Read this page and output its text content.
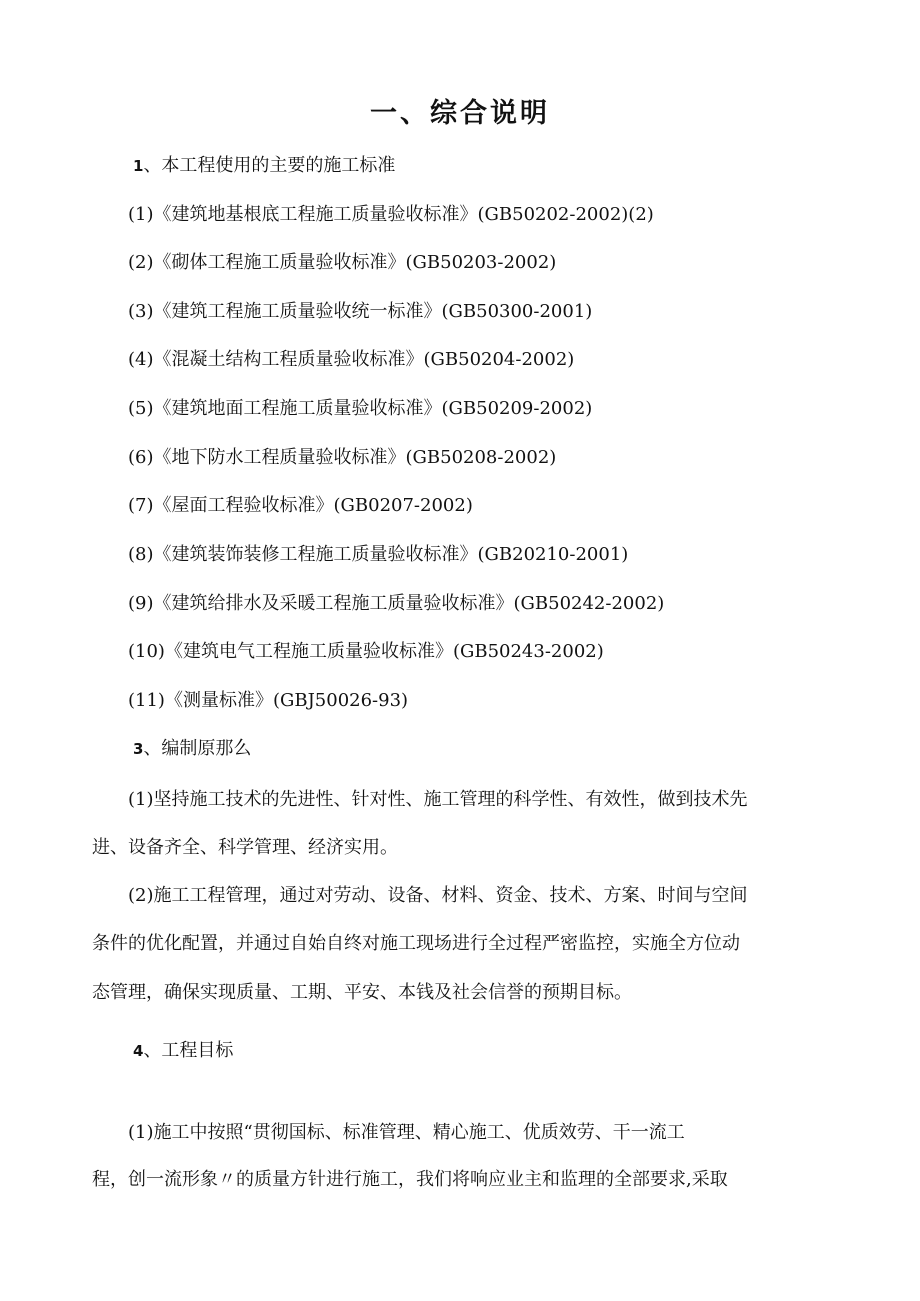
一、综合说明
1、本工程使用的主要的施工标准
(1)《建筑地基根底工程施工质量验收标准》(GB50202-2002)(2)
(2)《砌体工程施工质量验收标准》(GB50203-2002)
(3)《建筑工程施工质量验收统一标准》(GB50300-2001)
(4)《混凝土结构工程质量验收标准》(GB50204-2002)
(5)《建筑地面工程施工质量验收标准》(GB50209-2002)
(6)《地下防水工程质量验收标准》(GB50208-2002)
(7)《屋面工程验收标准》(GB0207-2002)
(8)《建筑装饰装修工程施工质量验收标准》(GB20210-2001)
(9)《建筑给排水及采暖工程施工质量验收标准》(GB50242-2002)
(10)《建筑电气工程施工质量验收标准》(GB50243-2002)
(11)《测量标准》(GBJ50026-93)
3、编制原那么
(1)坚持施工技术的先进性、针对性、施工管理的科学性、有效性，做到技术先
进、设备齐全、科学管理、经济实用。
(2)施工工程管理，通过对劳动、设备、材料、资金、技术、方案、时间与空间
条件的优化配置，并通过自始自终对施工现场进行全过程严密监控，实施全方位动
态管理，确保实现质量、工期、平安、本钱及社会信誉的预期目标。
4、工程目标
(1)施工中按照“贯彻国标、标准管理、精心施工、优质效劳、干一流工
程，创一流形象〃的质量方针进行施工，我们将响应业主和监理的全部要求,采取
